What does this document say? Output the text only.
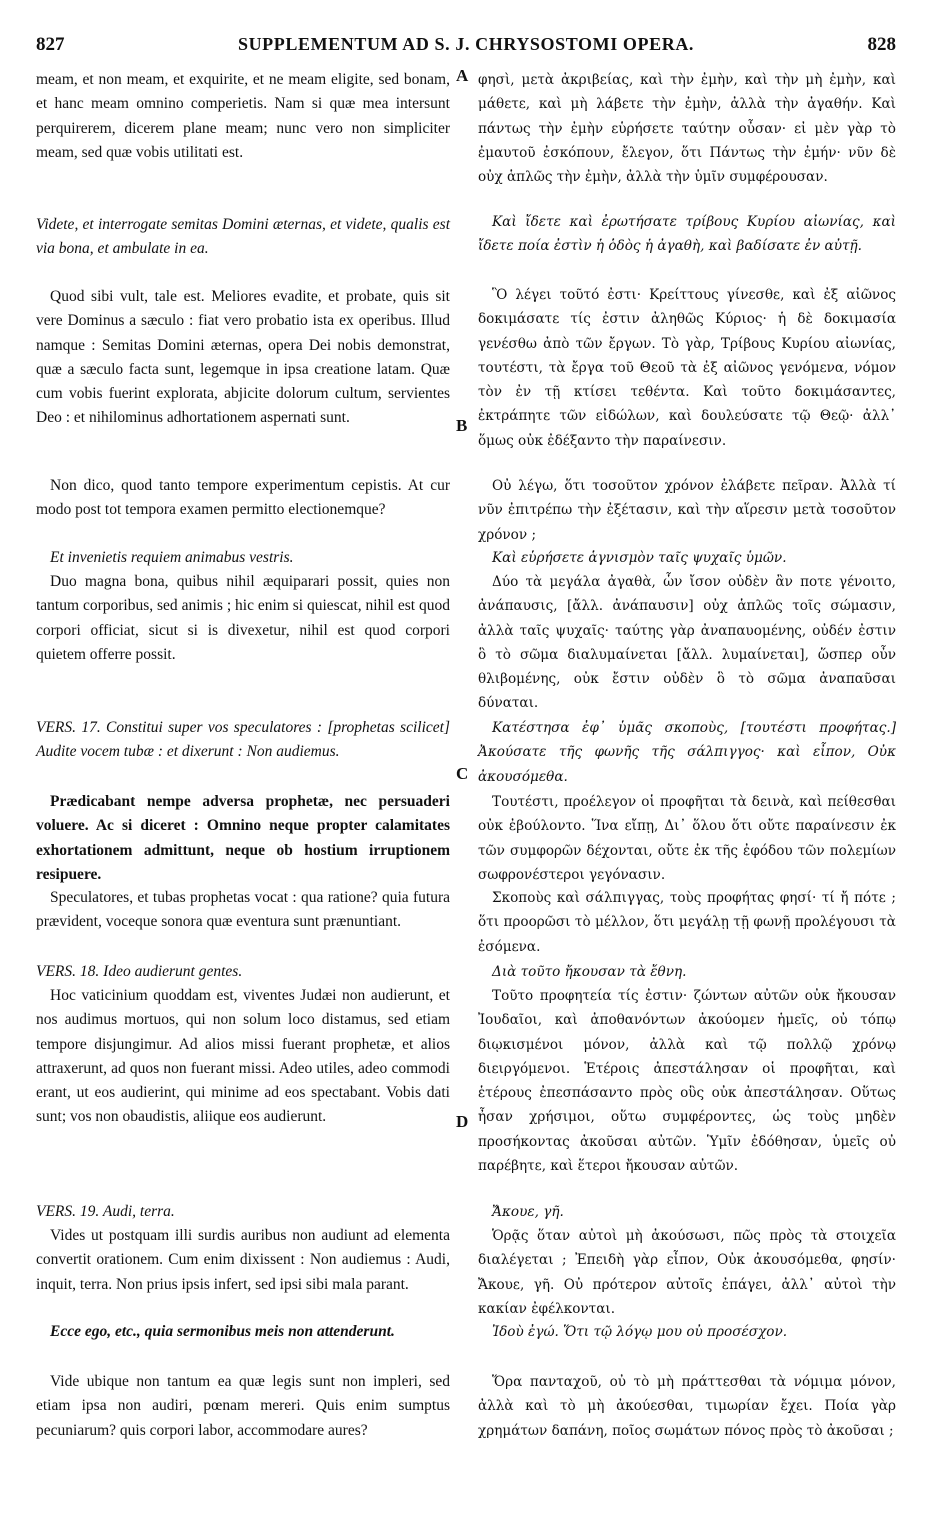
827	SUPPLEMENTUM AD S. J. CHRYSOSTOMI OPERA.	828

meam, et non meam, et exquirite, et ne meam eligite, sed bonam, et hanc meam omnino comperietis. Nam si quæ mea intersunt perquirerem, dicerem plane meam; nunc vero non simpliciter meam, sed quæ vobis utilitati est.

Videte, et interrogate semitas Domini æternas, et videte, qualis est via bona, et ambulate in ea.

Quod sibi vult, tale est. Meliores evadite, et probate, quis sit vere Dominus a sæculo : fiat vero probatio ista ex operibus. Illud namque : Semitas Domini æternas, opera Dei nobis demonstrat, quæ a sæculo facta sunt, legemque in ipsa creatione latam. Quæ cum vobis fuerint explorata, abjicite dolorum cultum, servientes Deo : et nihilominus adhortationem aspernati sunt.

Non dico, quod tanto tempore experimentum cepistis. At cur modo post tot tempora examen permitto electionemque?

Et invenietis requiem animabus vestris.

Duo magna bona, quibus nihil æquiparari possit, quies non tantum corporibus, sed animis ; hic enim si quiescat, nihil est quod corpori officiat, sicut si is divexetur, nihil est quod corpori quietem offerre possit.

VERS. 17. Constitui super vos speculatores : [prophetas scilicet] Audite vocem tubæ : et dixerunt : Non audiemus.

Prædicabant nempe adversa prophetæ, nec persuaderi voluere. Ac si diceret : Omnino neque propter calamitates exhortationem admittunt, neque ob hostium irruptionem resipuere.

Speculatores, et tubas prophetas vocat : qua ratione? quia futura prævident, voceque sonora quæ eventura sunt prænuntiant.

VERS. 18. Ideo audierunt gentes.

Hoc vaticinium quoddam est, viventes Judæi non audierunt, et nos audimus mortuos, qui non solum loco distamus, sed etiam tempore disjungimur. Ad alios missi fuerant prophetæ, et alios attraxerunt, ad quos non fuerant missi. Adeo utiles, adeo commodi erant, ut eos audierint, qui minime ad eos spectabant. Vobis dati sunt; vos non obaudistis, aliique eos audierunt.

VERS. 19. Audi, terra.

Vides ut postquam illi surdis auribus non audiunt ad elementa convertit orationem. Cum enim dixissent : Non audiemus : Audi, inquit, terra. Non prius ipsis infert, sed ipsi sibi mala parant.

Ecce ego, etc., quia sermonibus meis non attenderunt.

Vide ubique non tantum ea quæ legis sunt non impleri, sed etiam ipsa non audiri, pœnam mereri. Quis enim sumptus pecuniarum? quis corpori labor, accommodare aures?

A
B
C
D

φησὶ, μετὰ ἀκριβείας, καὶ τὴν ἐμὴν, καὶ τὴν μὴ ἐμὴν, καὶ μάθετε, καὶ μὴ λάβετε τὴν ἐμὴν, ἀλλὰ τὴν ἀγαθήν. Καὶ πάντως τὴν ἐμὴν εὑρήσετε ταύτην οὖσαν· εἰ μὲν γὰρ τὸ ἐμαυτοῦ ἐσκόπουν, ἔλεγον, ὅτι Πάντως τὴν ἐμήν· νῦν δὲ οὐχ ἁπλῶς τὴν ἐμὴν, ἀλλὰ τὴν ὑμῖν συμφέρουσαν.

Καὶ ἴδετε καὶ ἐρωτήσατε τρίβους Κυρίου αἰωνίας, καὶ ἴδετε ποία ἐστὶν ἡ ὁδὸς ἡ ἀγαθὴ, καὶ βαδίσατε ἐν αὐτῇ.

Ὃ λέγει τοῦτό ἐστι· Κρείττους γίνεσθε, καὶ ἐξ αἰῶνος δοκιμάσατε τίς ἐστιν ἀληθῶς Κύριος· ἡ δὲ δοκιμασία γενέσθω ἀπὸ τῶν ἔργων. Τὸ γὰρ, Τρίβους Κυρίου αἰωνίας, τουτέστι, τὰ ἔργα τοῦ Θεοῦ τὰ ἐξ αἰῶνος γενόμενα, νόμον τὸν ἐν τῇ κτίσει τεθέντα. Καὶ τοῦτο δοκιμάσαντες, ἐκτράπητε τῶν εἰδώλων, καὶ δουλεύσατε τῷ Θεῷ· ἀλλ᾽ ὅμως οὐκ ἐδέξαντο τὴν παραίνεσιν.

Οὐ λέγω, ὅτι τοσοῦτον χρόνον ἐλάβετε πεῖραν. Ἀλλὰ τί νῦν ἐπιτρέπω τὴν ἐξέτασιν, καὶ τὴν αἵρεσιν μετὰ τοσοῦτον χρόνον ;

Καὶ εὑρήσετε ἁγνισμὸν ταῖς ψυχαῖς ὑμῶν.

Δύο τὰ μεγάλα ἀγαθὰ, ὧν ἴσον οὐδὲν ἂν ποτε γένοιτο, ἀνάπαυσις, [ἄλλ. ἀνάπαυσιν] οὐχ ἁπλῶς τοῖς σώμασιν, ἀλλὰ ταῖς ψυχαῖς· ταύτης γὰρ ἀναπαυομένης, οὐδέν ἐστιν ὃ τὸ σῶμα διαλυμαίνεται [ἄλλ. λυμαίνεται], ὥσπερ οὖν θλιβομένης, οὐκ ἔστιν οὐδὲν ὃ τὸ σῶμα ἀναπαῦσαι δύναται.

Κατέστησα ἐφ᾽ ὑμᾶς σκοποὺς, [τουτέστι προφήτας.] Ἀκούσατε τῆς φωνῆς τῆς σάλπιγγος· καὶ εἶπον, Οὐκ ἀκουσόμεθα.

Τουτέστι, προέλεγον οἱ προφῆται τὰ δεινὰ, καὶ πείθεσθαι οὐκ ἐβούλοντο. Ἵνα εἴπῃ, Δι᾽ ὅλου ὅτι οὔτε παραίνεσιν ἐκ τῶν συμφορῶν δέχονται, οὔτε ἐκ τῆς ἐφόδου τῶν πολεμίων σωφρονέστεροι γεγόνασιν.

Σκοποὺς καὶ σάλπιγγας, τοὺς προφήτας φησί· τί ἤ πότε ; ὅτι προορῶσι τὸ μέλλον, ὅτι μεγάλῃ τῇ φωνῇ προλέγουσι τὰ ἐσόμενα.

Διὰ τοῦτο ἤκουσαν τὰ ἔθνη.

Τοῦτο προφητεία τίς ἐστιν· ζώντων αὐτῶν οὐκ ἤκουσαν Ἰουδαῖοι, καὶ ἀποθανόντων ἀκούομεν ἡμεῖς, οὐ τόπῳ διῳκισμένοι μόνον, ἀλλὰ καὶ τῷ πολλῷ χρόνῳ διειργόμενοι. Ἑτέροις ἀπεστάλησαν οἱ προφῆται, καὶ ἑτέρους ἐπεσπάσαντο πρὸς οὓς οὐκ ἀπεστάλησαν. Οὕτως ἦσαν χρήσιμοι, οὕτω συμφέροντες, ὡς τοὺς μηδὲν προσήκοντας ἀκοῦσαι αὐτῶν. Ὑμῖν ἐδόθησαν, ὑμεῖς οὐ παρέβητε, καὶ ἕτεροι ἤκουσαν αὐτῶν.

Ἄκουε, γῆ.

Ὁρᾷς ὅταν αὐτοὶ μὴ ἀκούσωσι, πῶς πρὸς τὰ στοιχεῖα διαλέγεται ; Ἐπειδὴ γὰρ εἶπον, Οὐκ ἀκουσόμεθα, φησίν· Ἄκουε, γῆ. Οὐ πρότερον αὐτοῖς ἐπάγει, ἀλλ᾽ αὐτοὶ τὴν κακίαν ἐφέλκονται.

Ἰδοὺ ἐγώ. Ὅτι τῷ λόγῳ μου οὐ προσέσχον.

Ὅρα πανταχοῦ, οὐ τὸ μὴ πράττεσθαι τὰ νόμιμα μόνον, ἀλλὰ καὶ τὸ μὴ ἀκούεσθαι, τιμωρίαν ἔχει. Ποία γὰρ χρημάτων δαπάνη, ποῖος σωμάτων πόνος πρὸς τὸ ἀκοῦσαι ;
